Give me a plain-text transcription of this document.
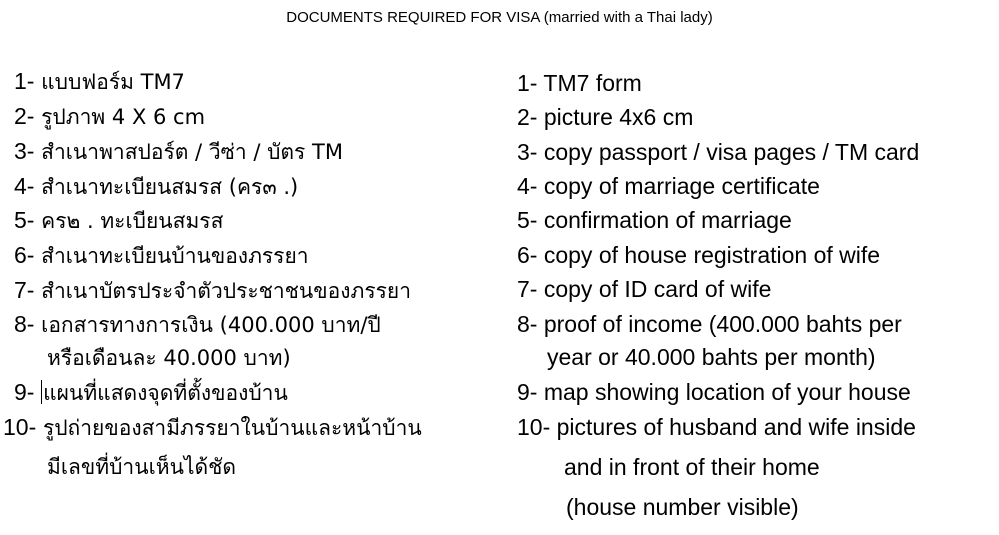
DOCUMENTS REQUIRED FOR VISA (married with a Thai lady)
1- แบบฟอร์ม TM7
2- รูปภาพ 4 X 6 cm
3- สำเนาพาสปอร์ต / วีซ่า / บัตร TM
4- สำเนาทะเบียนสมรส (คร๓ .)
5- คร๒ . ทะเบียนสมรส
6- สำเนาทะเบียนบ้านของภรรยา
7- สำเนาบัตรประจำตัวประชาชนของภรรยา
8- เอกสารทางการเงิน (400.000 บาท/ปี
หรือเดือนละ 40.000 บาท)
9- แผนที่แสดงจุดที่ตั้งของบ้าน
10- รูปถ่ายของสามีภรรยาในบ้านและหน้าบ้าน
มีเลขที่บ้านเห็นได้ชัด
1- TM7 form
2- picture 4x6 cm
3- copy passport / visa pages / TM card
4- copy of marriage certificate
5- confirmation of marriage
6- copy of house registration of wife
7- copy of ID card of wife
8- proof of income (400.000 bahts per
year or 40.000 bahts per month)
9- map showing location of your house
10- pictures of husband and wife inside
and in front of their home
(house number visible)
